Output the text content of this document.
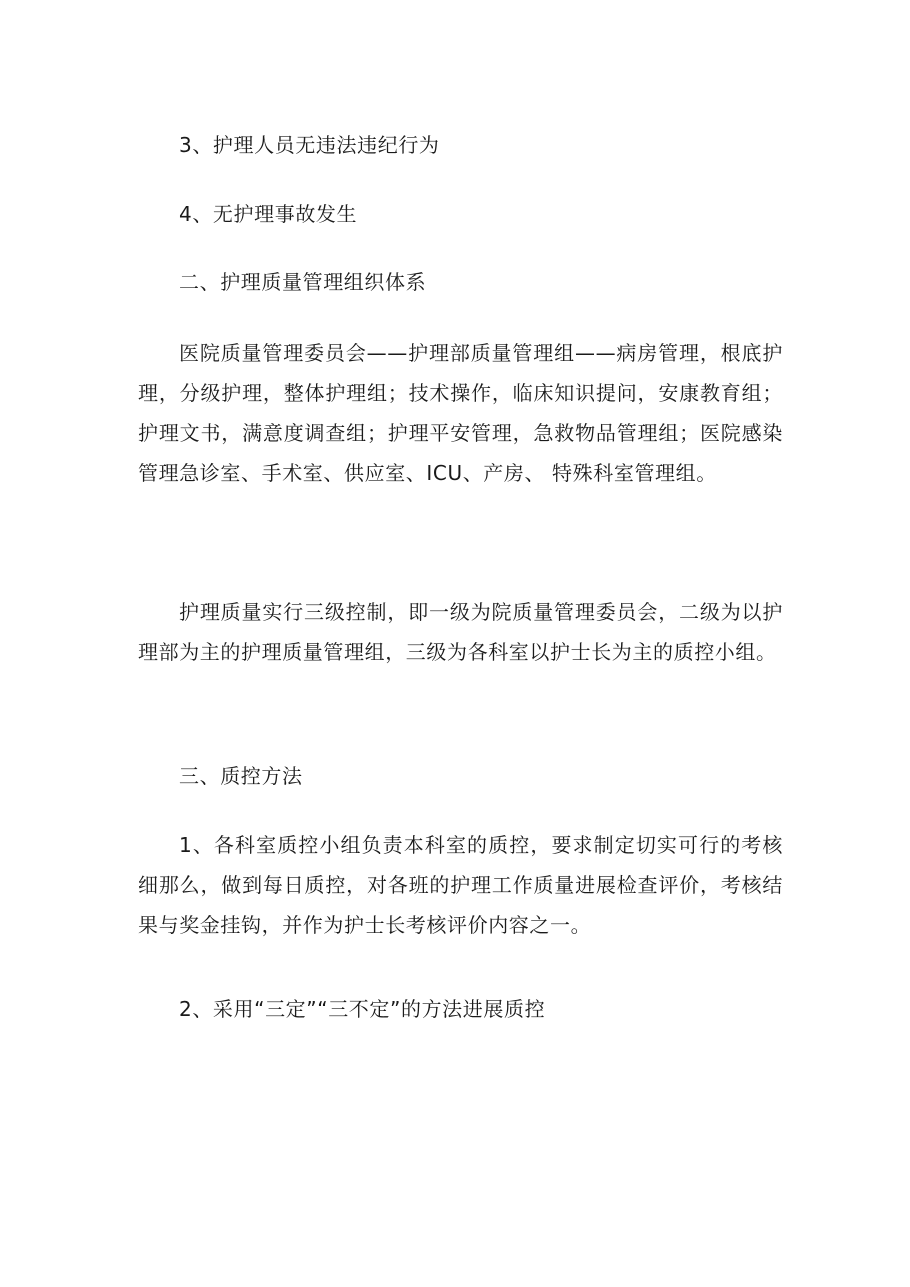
3、护理人员无违法违纪行为

4、无护理事故发生

二、护理质量管理组织体系

医院质量管理委员会——护理部质量管理组——病房管理，根底护理，分级护理，整体护理组；技术操作，临床知识提问，安康教育组；护理文书，满意度调查组；护理平安管理，急救物品管理组；医院感染管理急诊室、手术室、供应室、ICU、产房、 特殊科室管理组。

护理质量实行三级控制，即一级为院质量管理委员会，二级为以护理部为主的护理质量管理组，三级为各科室以护士长为主的质控小组。

三、质控方法

1、各科室质控小组负责本科室的质控，要求制定切实可行的考核细那么，做到每日质控，对各班的护理工作质量进展检查评价，考核结果与奖金挂钩，并作为护士长考核评价内容之一。

2、采用“三定”“三不定”的方法进展质控
